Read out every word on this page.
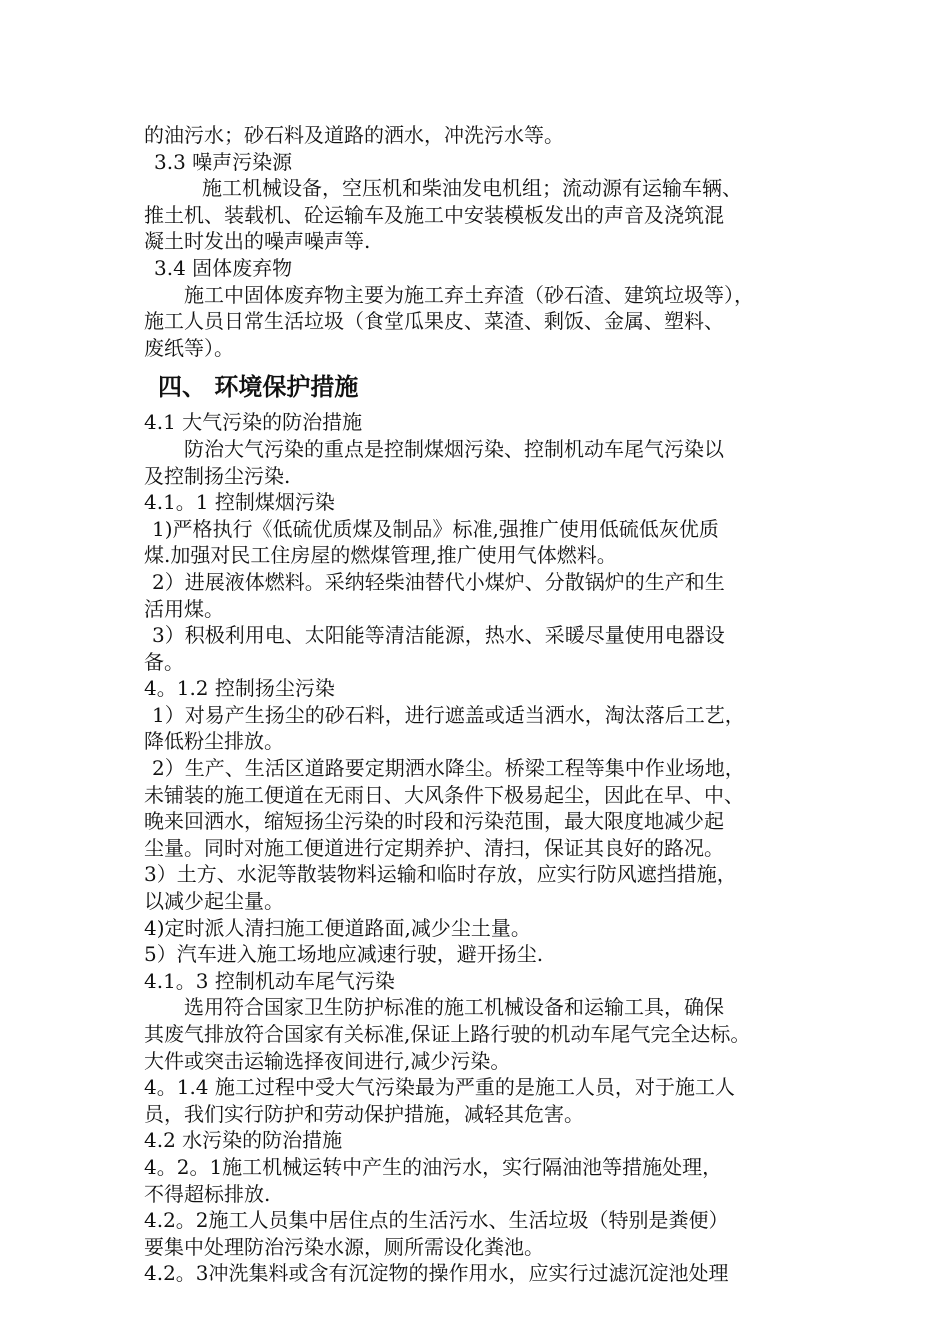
的油污水；砂石料及道路的洒水，冲洗污水等。
3.3 噪声污染源
施工机械设备，空压机和柴油发电机组；流动源有运输车辆、
推土机、装载机、砼运输车及施工中安装模板发出的声音及浇筑混
凝土时发出的噪声噪声等.
3.4 固体废弃物
施工中固体废弃物主要为施工弃土弃渣（砂石渣、建筑垃圾等），
施工人员日常生活垃圾（食堂瓜果皮、菜渣、剩饭、金属、塑料、
废纸等）。
四、 环境保护措施
4.1 大气污染的防治措施
防治大气污染的重点是控制煤烟污染、控制机动车尾气污染以
及控制扬尘污染.
4.1。1 控制煤烟污染
1)严格执行《低硫优质煤及制品》标准,强推广使用低硫低灰优质
煤.加强对民工住房屋的燃煤管理,推广使用气体燃料。
2）进展液体燃料。采纳轻柴油替代小煤炉、分散锅炉的生产和生
活用煤。
3）积极利用电、太阳能等清洁能源，热水、采暖尽量使用电器设
备。
4。1.2 控制扬尘污染
1）对易产生扬尘的砂石料，进行遮盖或适当洒水，淘汰落后工艺，
降低粉尘排放。
2）生产、生活区道路要定期洒水降尘。桥梁工程等集中作业场地，
未铺装的施工便道在无雨日、大风条件下极易起尘，因此在早、中、
晚来回洒水，缩短扬尘污染的时段和污染范围，最大限度地减少起
尘量。同时对施工便道进行定期养护、清扫，保证其良好的路况。
3）土方、水泥等散装物料运输和临时存放，应实行防风遮挡措施，
以减少起尘量。
4)定时派人清扫施工便道路面,减少尘土量。
5）汽车进入施工场地应减速行驶，避开扬尘.
4.1。3 控制机动车尾气污染
选用符合国家卫生防护标准的施工机械设备和运输工具，确保
其废气排放符合国家有关标准,保证上路行驶的机动车尾气完全达标。
大件或突击运输选择夜间进行,减少污染。
4。1.4 施工过程中受大气污染最为严重的是施工人员，对于施工人
员，我们实行防护和劳动保护措施，减轻其危害。
4.2 水污染的防治措施
4。2。1施工机械运转中产生的油污水，实行隔油池等措施处理，
不得超标排放.
4.2。2施工人员集中居住点的生活污水、生活垃圾（特别是粪便）
要集中处理防治污染水源，厕所需设化粪池。
4.2。3冲洗集料或含有沉淀物的操作用水，应实行过滤沉淀池处理
